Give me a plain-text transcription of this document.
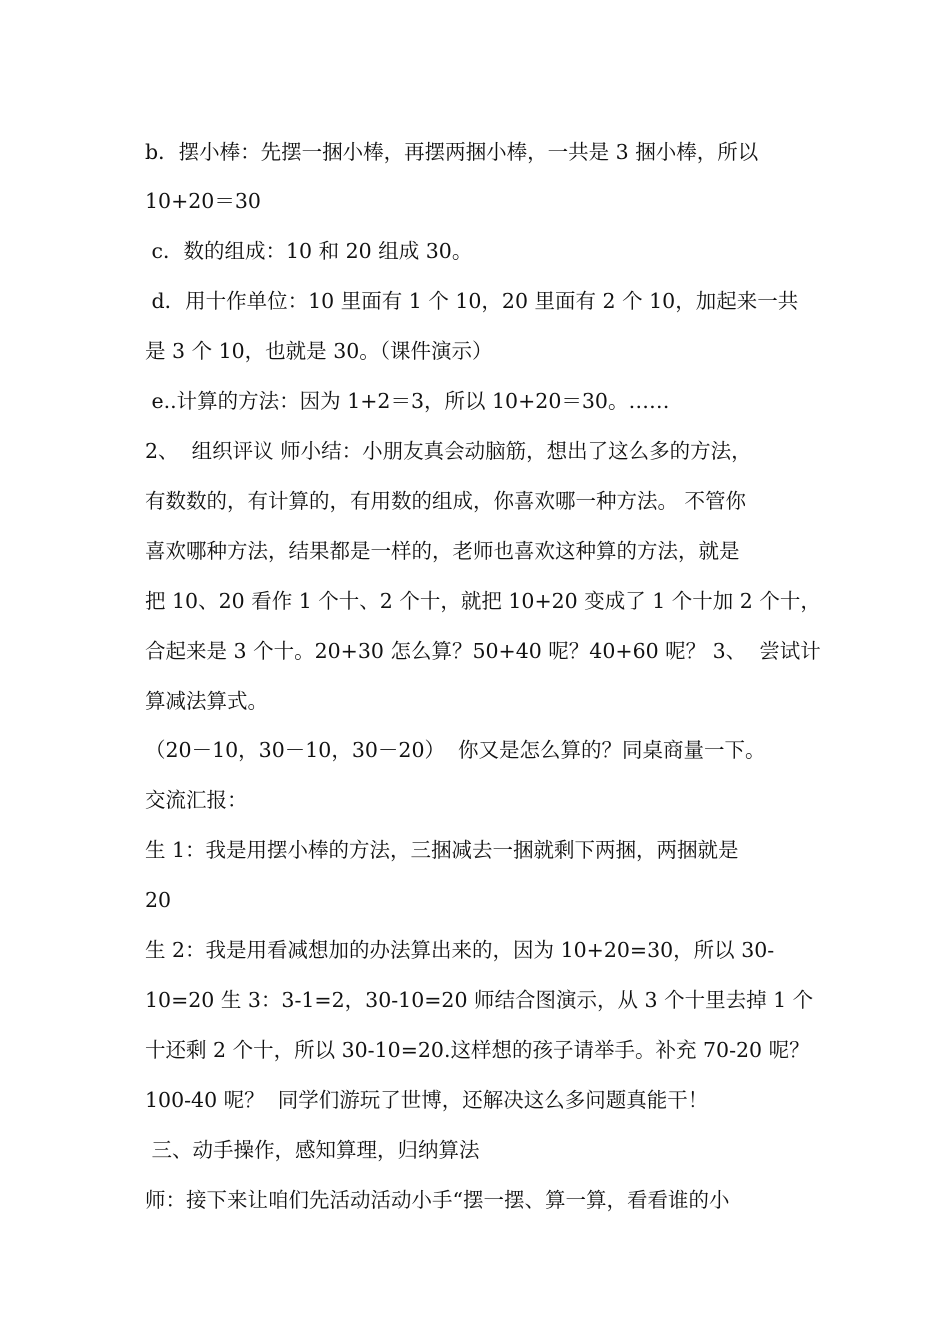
b．摆小棒：先摆一捆小棒，再摆两捆小棒，一共是 3 捆小棒，所以
10+20＝30
c．数的组成：10 和 20 组成 30。
d．用十作单位：10 里面有 1 个 10，20 里面有 2 个 10，加起来一共
是 3 个 10，也就是 30。（课件演示）
e..计算的方法：因为 1+2＝3，所以 10+20＝30。……
2、  组织评议 师小结：小朋友真会动脑筋，想出了这么多的方法，
有数数的，有计算的，有用数的组成，你喜欢哪一种方法。 不管你
喜欢哪种方法，结果都是一样的，老师也喜欢这种算的方法，就是
把 10、20 看作 1 个十、2 个十，就把 10+20 变成了 1 个十加 2 个十，
合起来是 3 个十。20+30 怎么算？50+40 呢？40+60 呢？ 3、  尝试计
算减法算式。
（20－10，30－10，30－20）  你又是怎么算的？同桌商量一下。
交流汇报：
生 1：我是用摆小棒的方法，三捆减去一捆就剩下两捆，两捆就是
20
生 2：我是用看减想加的办法算出来的，因为 10+20=30，所以 30-
10=20 生 3：3-1=2，30-10=20 师结合图演示，从 3 个十里去掉 1 个
十还剩 2 个十，所以 30-10=20.这样想的孩子请举手。补充 70-20 呢？
100-40 呢？  同学们游玩了世博，还解决这么多问题真能干！
三、动手操作，感知算理，归纳算法
师：接下来让咱们先活动活动小手“摆一摆、算一算，看看谁的小
